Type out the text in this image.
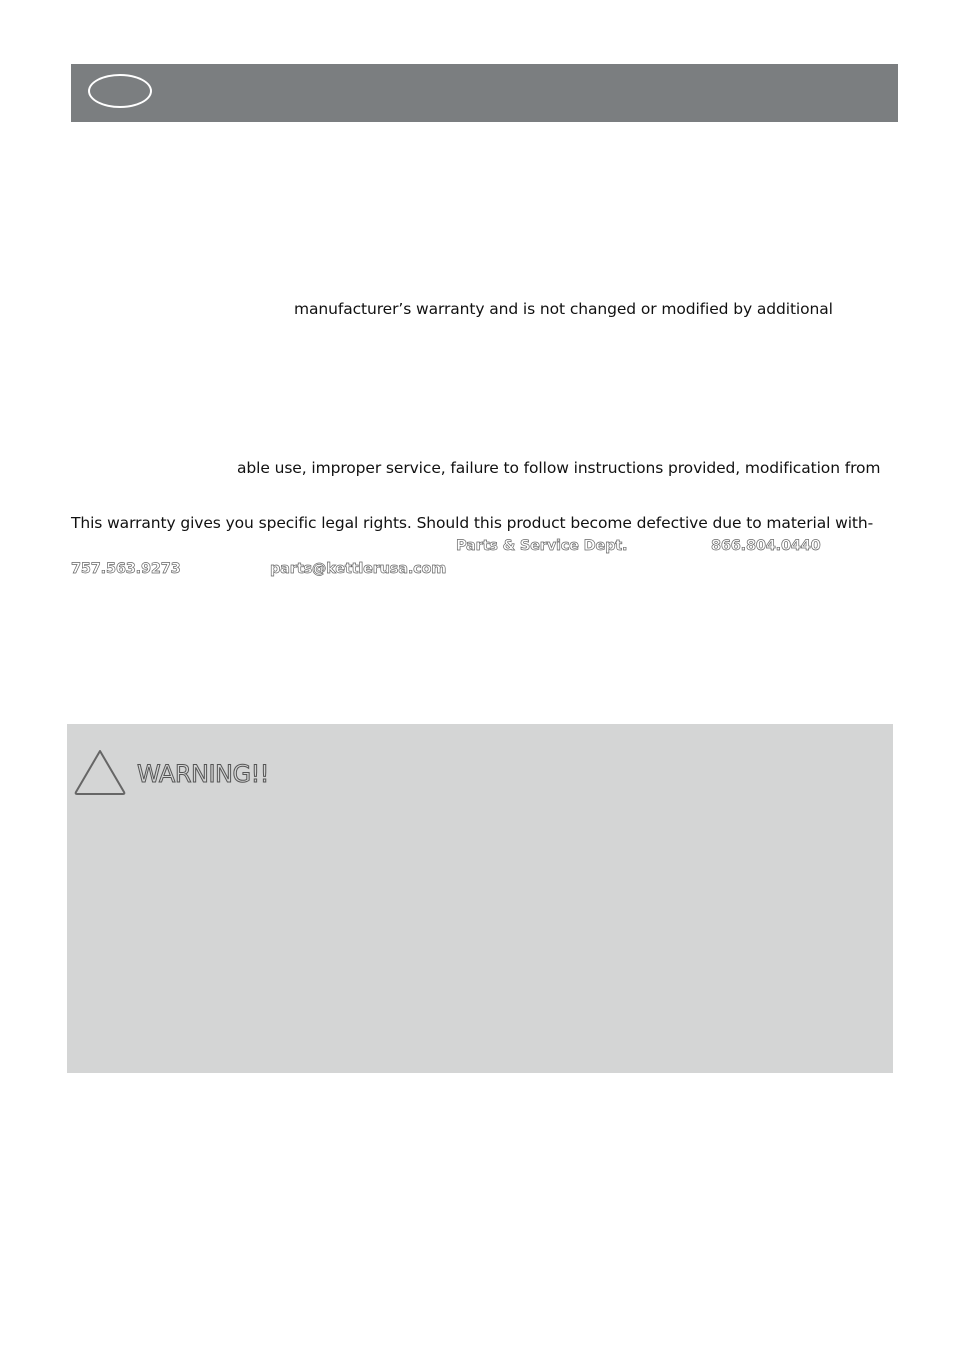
manufacturer’s warranty and is not changed or modified by additional
able use, improper service, failure to follow instructions provided, modification from
This warranty gives you specific legal rights. Should this product become defective due to material with-
Parts & Service Dept.	866.804.0440
757.563.9273	parts@kettlerusa.com
WARNING!!
